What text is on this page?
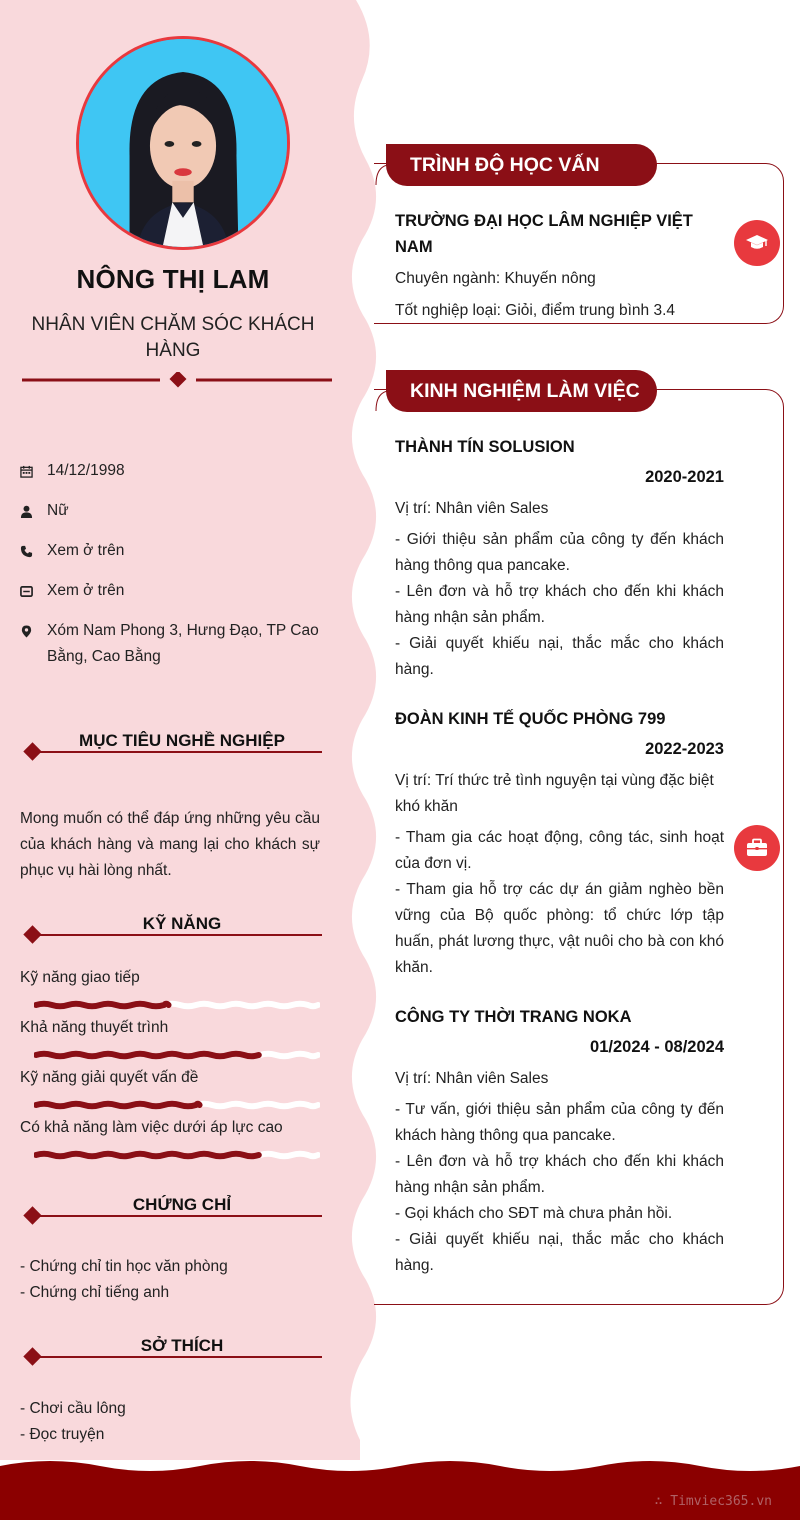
NÔNG THỊ LAM
NHÂN VIÊN CHĂM SÓC KHÁCH HÀNG
14/12/1998
Nữ
Xem ở trên
Xem ở trên
Xóm Nam Phong 3, Hưng Đạo, TP Cao Bằng, Cao Bằng
MỤC TIÊU NGHỀ NGHIỆP
Mong muốn có thể đáp ứng những yêu cầu của khách hàng và mang lại cho khách sự phục vụ hài lòng nhất.
KỸ NĂNG
Kỹ năng giao tiếp
Khả năng thuyết trình
Kỹ năng giải quyết vấn đề
Có khả năng làm việc dưới áp lực cao
CHỨNG CHỈ
- Chứng chỉ tin học văn phòng
- Chứng chỉ tiếng anh
SỞ THÍCH
- Chơi cầu lông
- Đọc truyện
TRÌNH ĐỘ HỌC VẤN

TRƯỜNG ĐẠI HỌC LÂM NGHIỆP VIỆT NAM

Chuyên ngành: Khuyến nông

Tốt nghiệp loại: Giỏi, điểm trung bình 3.4

KINH NGHIỆM LÀM VIỆC

THÀNH TÍN SOLUSION

2020-2021

Vị trí: Nhân viên Sales

- Giới thiệu sản phẩm của công ty đến khách hàng thông qua pancake.

- Lên đơn và hỗ trợ khách cho đến khi khách hàng nhận sản phẩm.

- Giải quyết khiếu nại, thắc mắc cho khách hàng.

ĐOÀN KINH TẾ QUỐC PHÒNG 799

2022-2023

Vị trí: Trí thức trẻ tình nguyện tại vùng đặc biệt khó khăn

- Tham gia các hoạt động, công tác, sinh hoạt của đơn vị.

- Tham gia hỗ trợ các dự án giảm nghèo bền vững của Bộ quốc phòng: tổ chức lớp tập huấn, phát lương thực, vật nuôi cho bà con khó khăn.

CÔNG TY THỜI TRANG NOKA

01/2024 - 08/2024

Vị trí: Nhân viên Sales

- Tư vấn, giới thiệu sản phẩm của công ty đến khách hàng thông qua pancake.

- Lên đơn và hỗ trợ khách cho đến khi khách hàng nhận sản phẩm.

- Gọi khách cho SĐT mà chưa phản hồi.

- Giải quyết khiếu nại, thắc mắc cho khách hàng.

∴ Timviec365.vn
